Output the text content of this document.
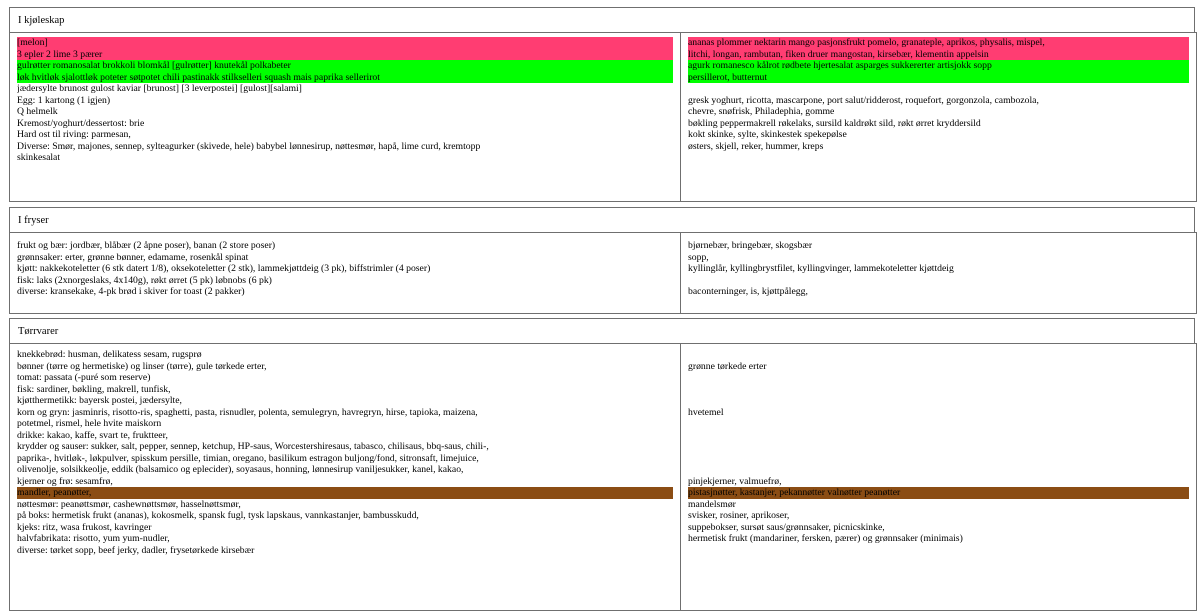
I kjøleskap
[melon]
3 epler 2 lime 3 pærer
gulrøtter romanosalat brokkoli blomkål [gulrøtter] knutekål polkabeter
løk hvitløk sjalottløk poteter søtpotet chili pastinakk stilkselleri squash mais paprika sellerirot
jædersylte brunost gulost kaviar [brunost] [3 leverpostei] [gulost][salami]
Egg: 1 kartong (1 igjen)
Q helmelk
Kremost/yoghurt/dessertost: brie
Hard ost til riving: parmesan,
Diverse: Smør, majones, sennep, sylteagurker (skivede, hele) babybel lønnesirup, nøttesmør, hapå, lime curd, kremtopp
skinkesalat
ananas plommer nektarin mango pasjonsfrukt pomelo, granateple, aprikos, physalis, mispel,
litchi, longan, rambutan, fiken druer mangostan, kirsebær, klementin appelsin
agurk romanesco kålrot rødbete hjertesalat asparges sukkererter artisjokk sopp
persillerot, butternut
gresk yoghurt, ricotta, mascarpone, port salut/ridderost, roquefort, gorgonzola, cambozola,
chevre, snøfrisk, Philadephia, gomme
bøkling peppermakrell røkelaks, sursild kaldrøkt sild, røkt ørret kryddersild
kokt skinke, sylte, skinkestek spekepølse
østers, skjell, reker, hummer, kreps
I fryser
frukt og bær: jordbær, blåbær (2 åpne poser), banan (2 store poser)
grønnsaker: erter, grønne bønner, edamame, rosenkål spinat
kjøtt: nakkekoteletter (6 stk datert 1/8), oksekoteletter (2 stk), lammekjøttdeig (3 pk), biffstrimler (4 poser)
fisk: laks (2xnorgeslaks, 4x140g), røkt ørret (5 pk) løbnobs (6 pk)
diverse: kransekake, 4-pk brød i skiver for toast (2 pakker)
bjørnebær, bringebær, skogsbær
sopp,
kyllinglår, kyllingbrystfilet, kyllingvinger, lammekoteletter kjøttdeig
baconterninger, is, kjøttpålegg,
Tørrvarer
knekkebrød: husman, delikatess sesam, rugsprø
bønner (tørre og hermetiske) og linser (tørre), gule tørkede erter,
tomat: passata (-puré som reserve)
fisk: sardiner, bøkling, makrell, tunfisk,
kjøtthermetikk: bayersk postei, jædersylte,
korn og gryn: jasminris, risotto-ris, spaghetti, pasta, risnudler, polenta, semulegryn, havregryn, hirse, tapioka, maizena,
potetmel, rismel, hele hvite maiskorn
drikke: kakao, kaffe, svart te, fruktteer,
krydder og sauser: sukker, salt, pepper, sennep, ketchup, HP-saus, Worcestershiresaus, tabasco, chilisaus, bbq-saus, chili-,
paprika-, hvitløk-, løkpulver, spisskum persille, timian, oregano, basilikum estragon buljong/fond, sitronsaft, limejuice,
olivenolje, solsikkeolje, eddik (balsamico og eplecider), soyasaus, honning, lønnesirup vaniljesukker, kanel, kakao,
kjerner og frø: sesamfrø,
mandler, peanøtter,
nøttesmør: peanøttsmør, cashewnøttsmør, hasselnøttsmør,
på boks: hermetisk frukt (ananas), kokosmelk, spansk fugl, tysk lapskaus, vannkastanjer, bambusskudd,
kjeks: ritz, wasa frukost, kavringer
halvfabrikata: risotto, yum yum-nudler,
diverse: tørket sopp, beef jerky, dadler, frysetørkede kirsebær
grønne tørkede erter
hvetemel
pinjekjerner, valmuefrø,
pistasjnøtter, kastanjer, pekannøtter valnøtter peanøtter
mandelsmør
svisker, rosiner, aprikoser,
suppebokser, sursøt saus/grønnsaker, picnicskinke,
hermetisk frukt (mandariner, fersken, pærer) og grønnsaker (minimais)
